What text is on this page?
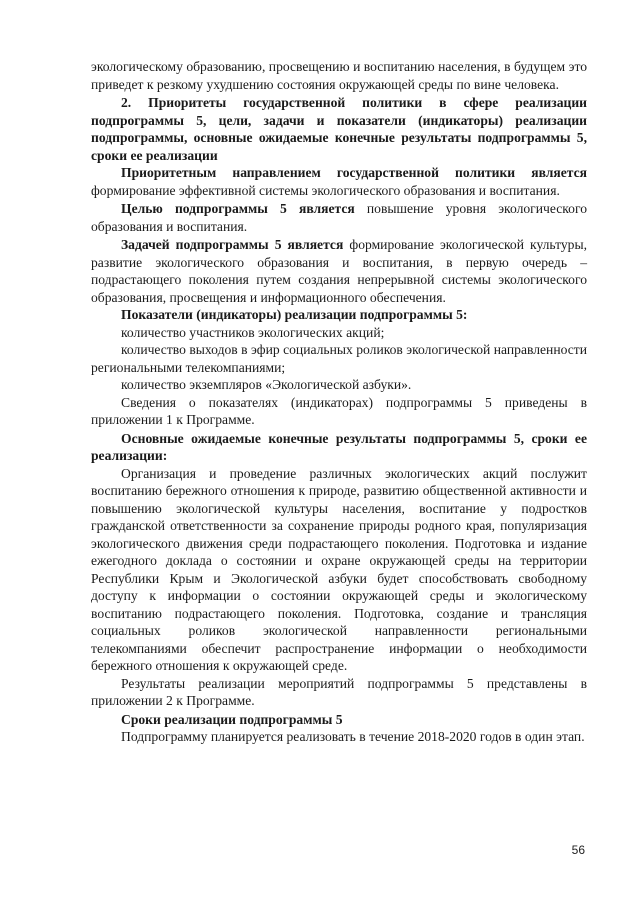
экологическому образованию, просвещению и воспитанию населения, в будущем это приведет к резкому ухудшению состояния окружающей среды по вине человека.

2. Приоритеты государственной политики в сфере реализации подпрограммы 5, цели, задачи и показатели (индикаторы) реализации подпрограммы, основные ожидаемые конечные результаты подпрограммы 5, сроки ее реализации

Приоритетным направлением государственной политики является формирование эффективной системы экологического образования и воспитания.

Целью подпрограммы 5 является повышение уровня экологического образования и воспитания.

Задачей подпрограммы 5 является формирование экологической культуры, развитие экологического образования и воспитания, в первую очередь – подрастающего поколения путем создания непрерывной системы экологического образования, просвещения и информационного обеспечения.

Показатели (индикаторы) реализации подпрограммы 5:

количество участников экологических акций;

количество выходов в эфир социальных роликов экологической направленности региональными телекомпаниями;

количество экземпляров «Экологической азбуки».

Сведения о показателях (индикаторах) подпрограммы 5 приведены в приложении 1 к Программе.

Основные ожидаемые конечные результаты подпрограммы 5, сроки ее реализации:

Организация и проведение различных экологических акций послужит воспитанию бережного отношения к природе, развитию общественной активности и повышению экологической культуры населения, воспитание у подростков гражданской ответственности за сохранение природы родного края, популяризация экологического движения среди подрастающего поколения. Подготовка и издание ежегодного доклада о состоянии и охране окружающей среды на территории Республики Крым и Экологической азбуки будет способствовать свободному доступу к информации о состоянии окружающей среды и экологическому воспитанию подрастающего поколения. Подготовка, создание и трансляция социальных роликов экологической направленности региональными телекомпаниями обеспечит распространение информации о необходимости бережного отношения к окружающей среде.

Результаты реализации мероприятий подпрограммы 5 представлены в приложении 2 к Программе.

Сроки реализации подпрограммы 5

Подпрограмму планируется реализовать в течение 2018-2020 годов в один этап.

56
